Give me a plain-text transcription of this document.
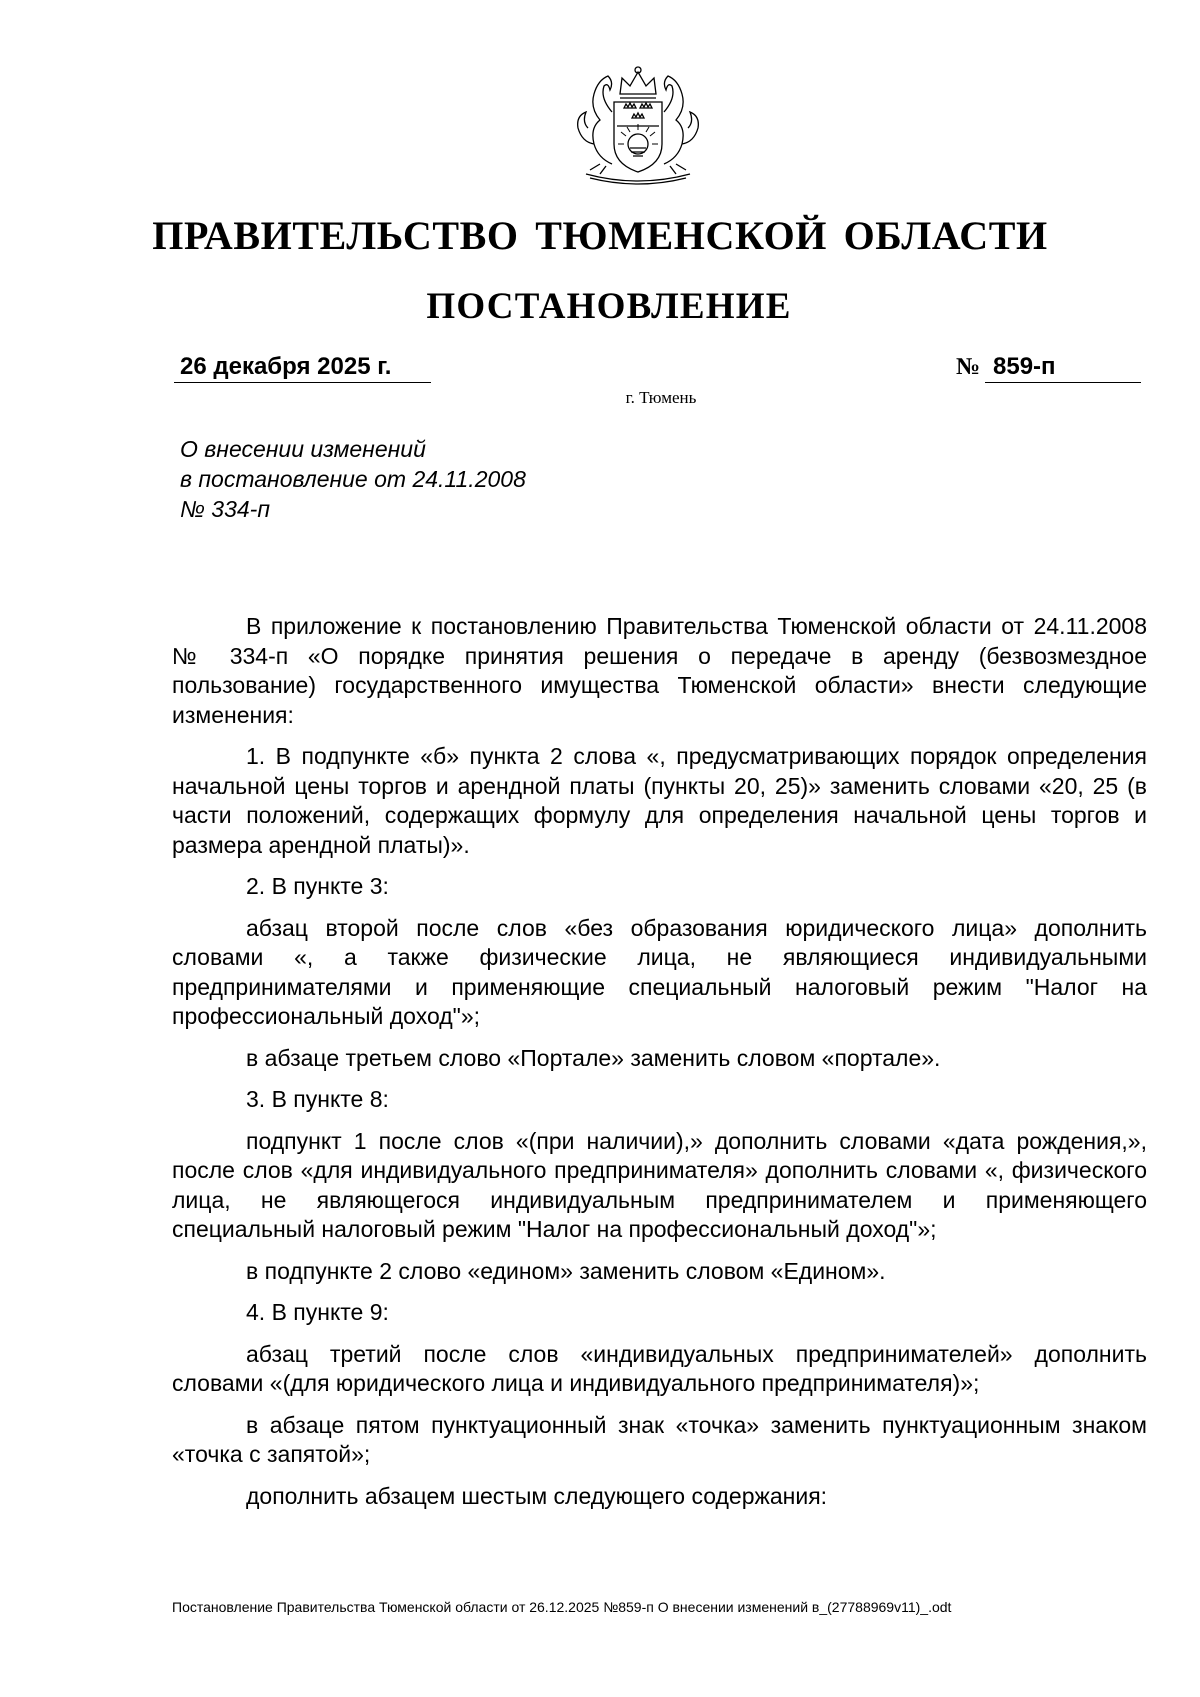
ПРАВИТЕЛЬСТВО ТЮМЕНСКОЙ ОБЛАСТИ
ПОСТАНОВЛЕНИЕ
26 декабря 2025 г.	№ 859-п
г. Тюмень
О внесении изменений
в постановление от 24.11.2008
№ 334-п

В приложение к постановлению Правительства Тюменской области от 24.11.2008 № 334-п «О порядке принятия решения о передаче в аренду (безвозмездное пользование) государственного имущества Тюменской области» внести следующие изменения:

1. В подпункте «б» пункта 2 слова «, предусматривающих порядок определения начальной цены торгов и арендной платы (пункты 20, 25)» заменить словами «20, 25 (в части положений, содержащих формулу для определения начальной цены торгов и размера арендной платы)».

2. В пункте 3:

абзац второй после слов «без образования юридического лица» дополнить словами «, а также физические лица, не являющиеся индивидуальными предпринимателями и применяющие специальный налоговый режим "Налог на профессиональный доход"»;

в абзаце третьем слово «Портале» заменить словом «портале».

3. В пункте 8:

подпункт 1 после слов «(при наличии),» дополнить словами «дата рождения,», после слов «для индивидуального предпринимателя» дополнить словами «, физического лица, не являющегося индивидуальным предпринимателем и применяющего специальный налоговый режим "Налог на профессиональный доход"»;

в подпункте 2 слово «едином» заменить словом «Едином».

4. В пункте 9:

абзац третий после слов «индивидуальных предпринимателей» дополнить словами «(для юридического лица и индивидуального предпринимателя)»;

в абзаце пятом пунктуационный знак «точка» заменить пунктуационным знаком «точка с запятой»;

дополнить абзацем шестым следующего содержания:

Постановление Правительства Тюменской области от 26.12.2025 №859-п О внесении изменений в_(27788969v11)_.odt
